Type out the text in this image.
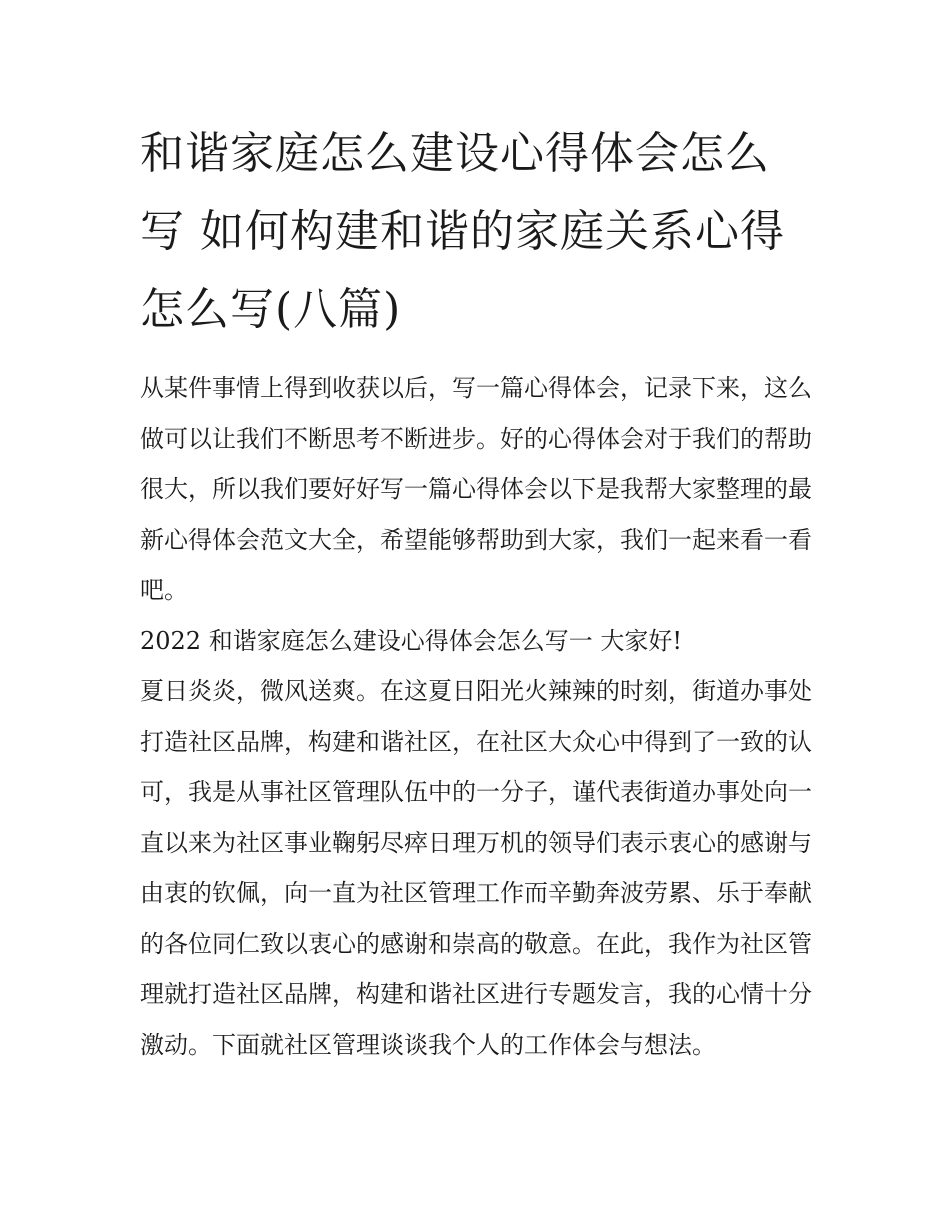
和谐家庭怎么建设心得体会怎么写 如何构建和谐的家庭关系心得怎么写(八篇)

从某件事情上得到收获以后，写一篇心得体会，记录下来，这么做可以让我们不断思考不断进步。好的心得体会对于我们的帮助很大，所以我们要好好写一篇心得体会以下是我帮大家整理的最新心得体会范文大全，希望能够帮助到大家，我们一起来看一看吧。

2022 和谐家庭怎么建设心得体会怎么写一 大家好!

夏日炎炎，微风送爽。在这夏日阳光火辣辣的时刻，街道办事处打造社区品牌，构建和谐社区，在社区大众心中得到了一致的认可，我是从事社区管理队伍中的一分子，谨代表街道办事处向一直以来为社区事业鞠躬尽瘁日理万机的领导们表示衷心的感谢与由衷的钦佩，向一直为社区管理工作而辛勤奔波劳累、乐于奉献的各位同仁致以衷心的感谢和崇高的敬意。在此，我作为社区管理就打造社区品牌，构建和谐社区进行专题发言，我的心情十分激动。下面就社区管理谈谈我个人的工作体会与想法。
